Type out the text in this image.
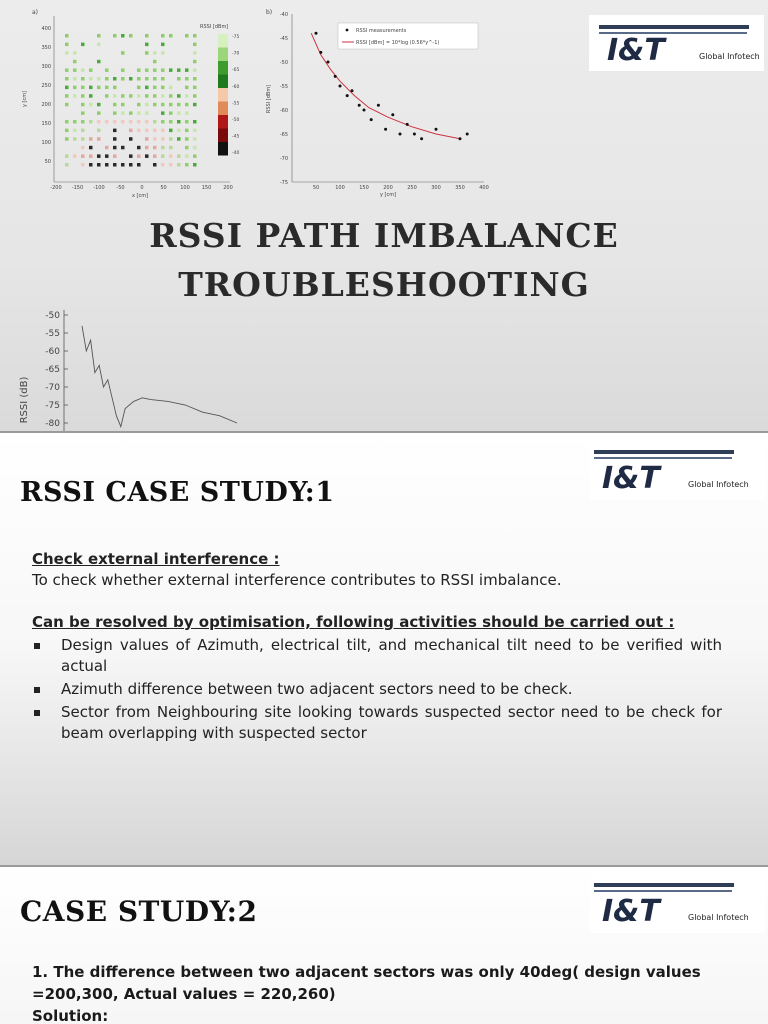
a)
RSSI [dBm]
400
350
300
250
200
150
100
50
-200 -150 -100 -50	0	50	100 150 200
-75
-70
-65
-60
-55
-50
-45
-40
x [cm]
y [cm]
b) -40
-45
-50
-55
-60
-65
-70
-75
50	100	150	200	250	300	350	400
RSSI measurements
RSSI [dBm] = 10*log (0.56*y^-1)
y [cm]
RSSI [dBm]
I&T	Global Infotech
RSSI PATH IMBALANCE
TROUBLESHOOTING
RSSI (dB)
-50
-55
-60
-65
-70
-75
-80
RSSI CASE STUDY:1	I&T	Global Infotech

Check external interference :

To check whether external interference contributes to RSSI imbalance.

Can be resolved by optimisation, following activities should be carried out :

Design values of Azimuth, electrical tilt, and mechanical tilt need to be verified with actual
Azimuth difference between two adjacent sectors need to be check.
Sector from Neighbouring site looking towards suspected sector need to be check for beam overlapping with suspected sector
CASE STUDY:2	I&T	Global Infotech

1. The difference between two adjacent sectors was only 40deg( design values =200,300, Actual values = 220,260)

Solution:
